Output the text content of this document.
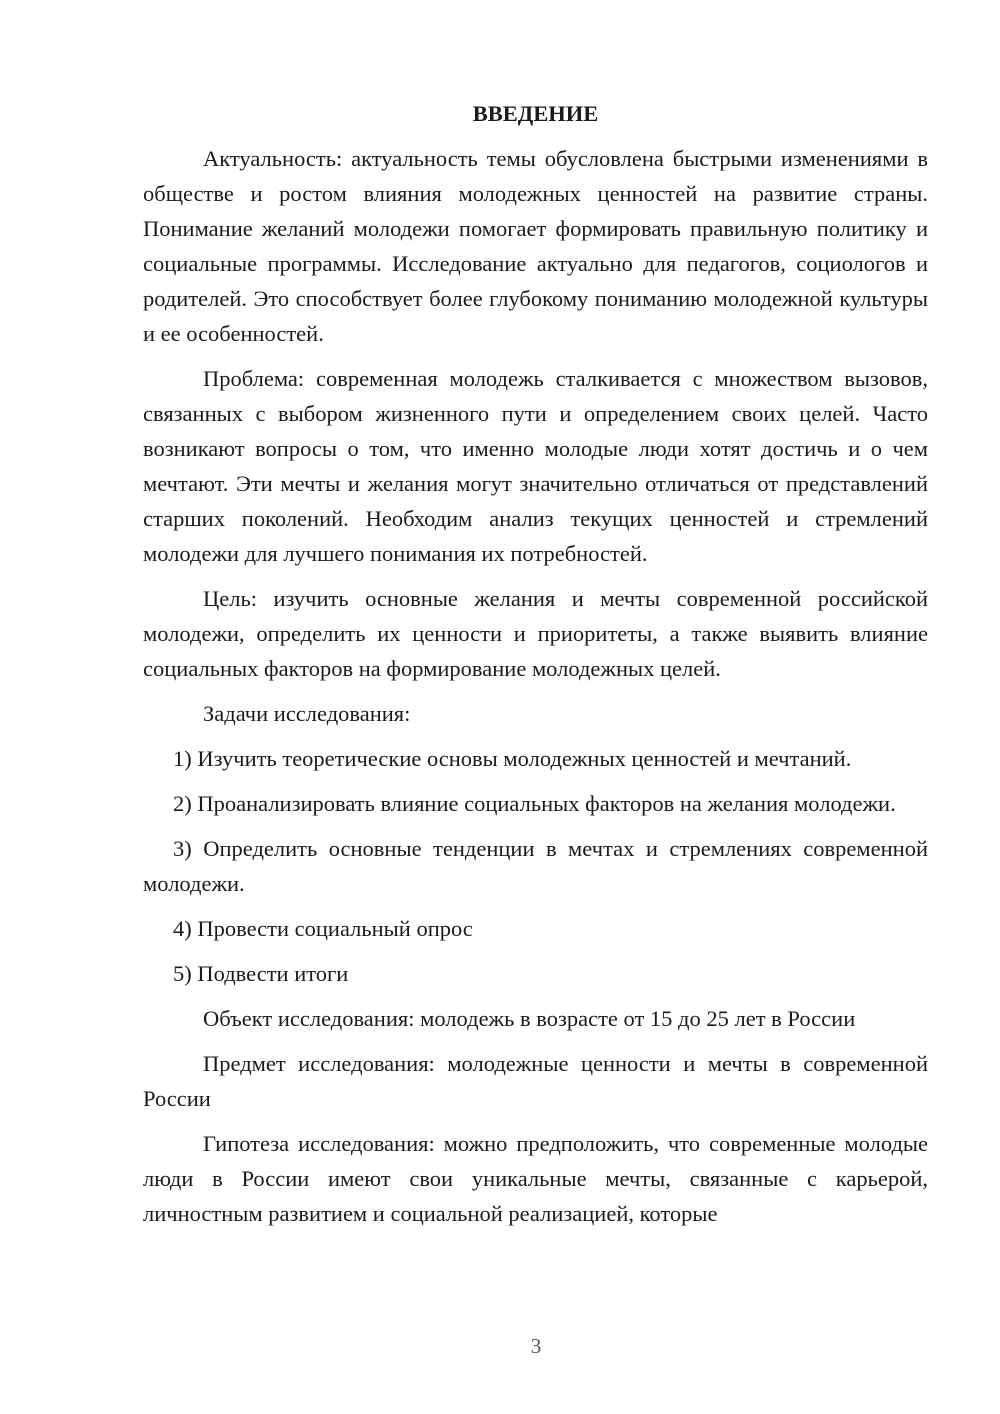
ВВЕДЕНИЕ

Актуальность: актуальность темы обусловлена быстрыми изменениями в обществе и ростом влияния молодежных ценностей на развитие страны. Понимание желаний молодежи помогает формировать правильную политику и социальные программы. Исследование актуально для педагогов, социологов и родителей. Это способствует более глубокому пониманию молодежной культуры и ее особенностей.

Проблема: современная молодежь сталкивается с множеством вызовов, связанных с выбором жизненного пути и определением своих целей. Часто возникают вопросы о том, что именно молодые люди хотят достичь и о чем мечтают. Эти мечты и желания могут значительно отличаться от представлений старших поколений. Необходим анализ текущих ценностей и стремлений молодежи для лучшего понимания их потребностей.

Цель: изучить основные желания и мечты современной российской молодежи, определить их ценности и приоритеты, а также выявить влияние социальных факторов на формирование молодежных целей.

Задачи исследования:

1) Изучить теоретические основы молодежных ценностей и мечтаний.

2) Проанализировать влияние социальных факторов на желания молодежи.

3) Определить основные тенденции в мечтах и стремлениях современной молодежи.

4) Провести социальный опрос

5) Подвести итоги

Объект исследования: молодежь в возрасте от 15 до 25 лет в России

Предмет исследования: молодежные ценности и мечты в современной России

Гипотеза исследования: можно предположить, что современные молодые люди в России имеют свои уникальные мечты, связанные с карьерой, личностным развитием и социальной реализацией, которые

3
